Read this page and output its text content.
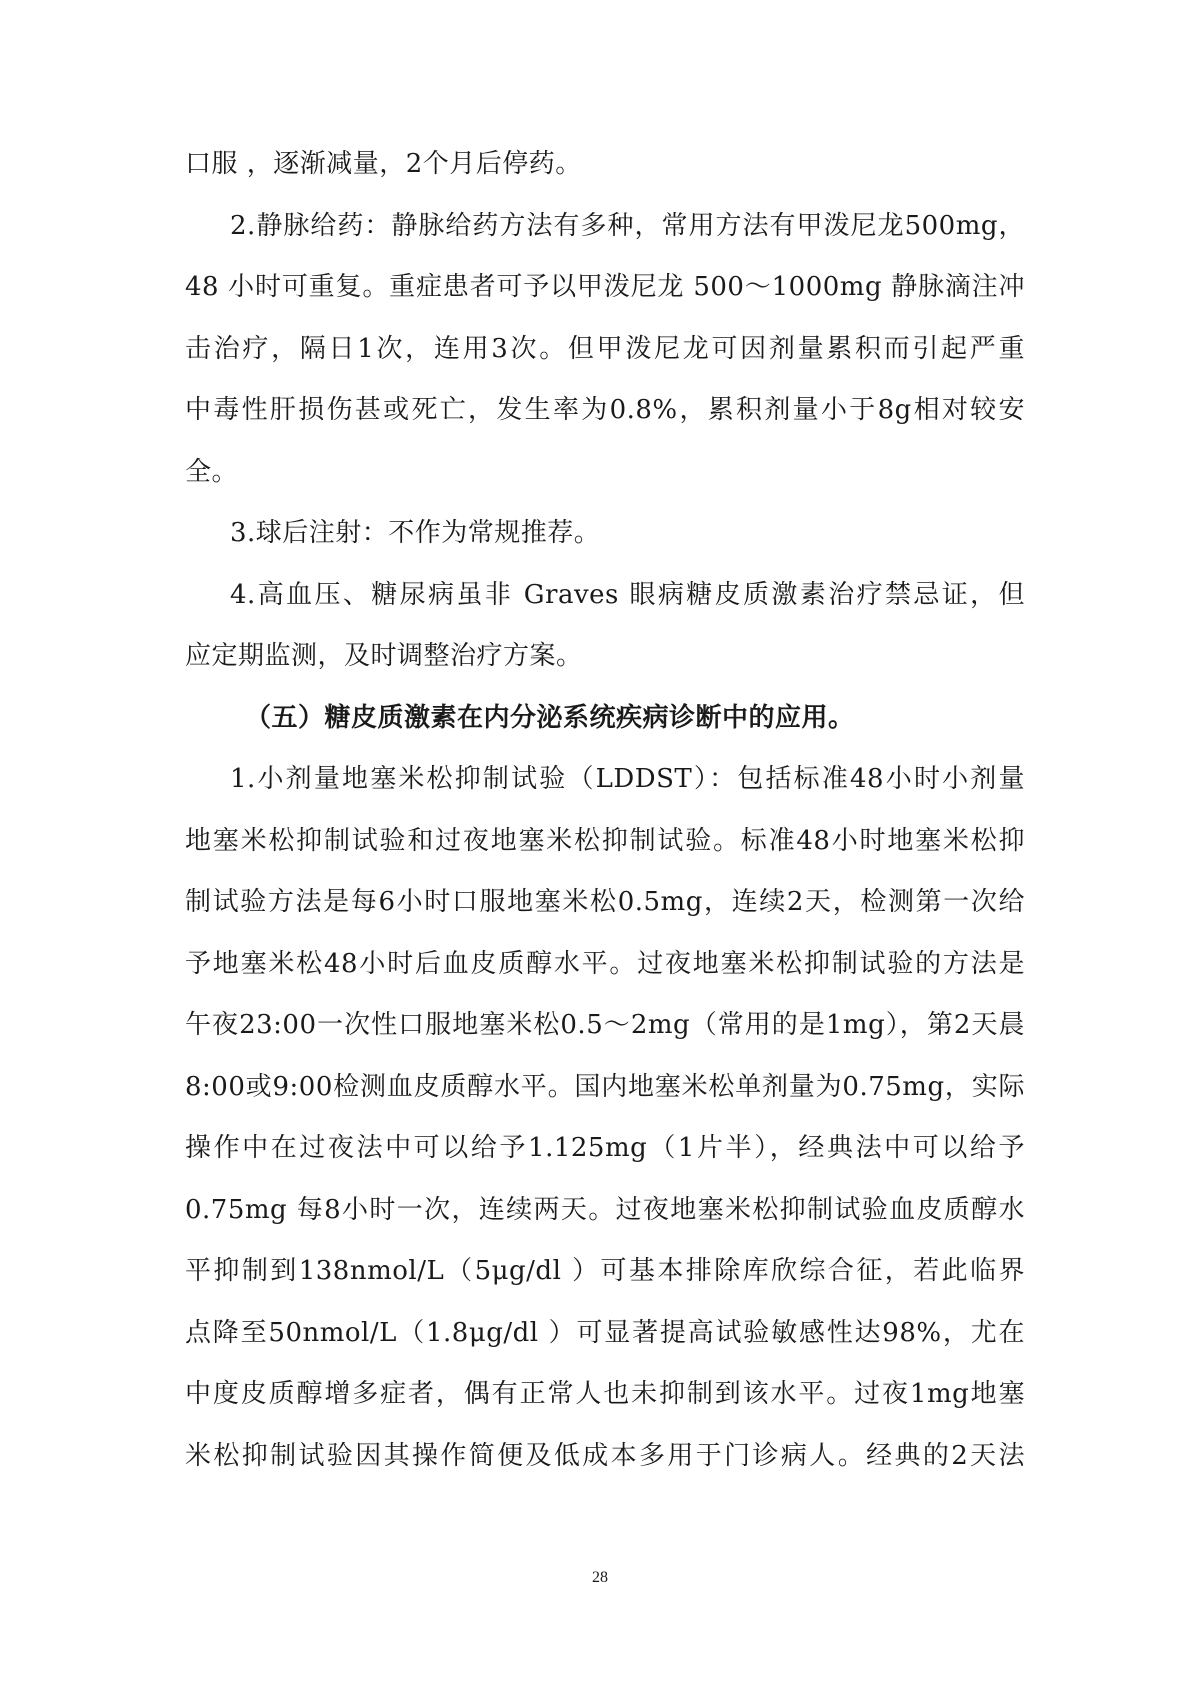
口服 ，逐渐减量，2个月后停药。
2.静脉给药：静脉给药方法有多种，常用方法有甲泼尼龙500mg，
48 小时可重复。重症患者可予以甲泼尼龙 500～1000mg 静脉滴注冲
击治疗，隔日1次，连用3次。但甲泼尼龙可因剂量累积而引起严重
中毒性肝损伤甚或死亡，发生率为0.8%，累积剂量小于8g相对较安
全。
3.球后注射：不作为常规推荐。
4.高血压、糖尿病虽非 Graves 眼病糖皮质激素治疗禁忌证，但
应定期监测，及时调整治疗方案。
（五）糖皮质激素在内分泌系统疾病诊断中的应用。
1.小剂量地塞米松抑制试验（LDDST）：包括标准48小时小剂量
地塞米松抑制试验和过夜地塞米松抑制试验。标准48小时地塞米松抑
制试验方法是每6小时口服地塞米松0.5mg，连续2天，检测第一次给
予地塞米松48小时后血皮质醇水平。过夜地塞米松抑制试验的方法是
午夜23:00一次性口服地塞米松0.5～2mg（常用的是1mg），第2天晨
8:00或9:00检测血皮质醇水平。国内地塞米松单剂量为0.75mg，实际
操作中在过夜法中可以给予1.125mg（1片半），经典法中可以给予
0.75mg 每8小时一次，连续两天。过夜地塞米松抑制试验血皮质醇水
平抑制到138nmol/L（5μg/dl ）可基本排除库欣综合征，若此临界
点降至50nmol/L（1.8μg/dl ）可显著提高试验敏感性达98%，尤在
中度皮质醇增多症者，偶有正常人也未抑制到该水平。过夜1mg地塞
米松抑制试验因其操作简便及低成本多用于门诊病人。经典的2天法
28
